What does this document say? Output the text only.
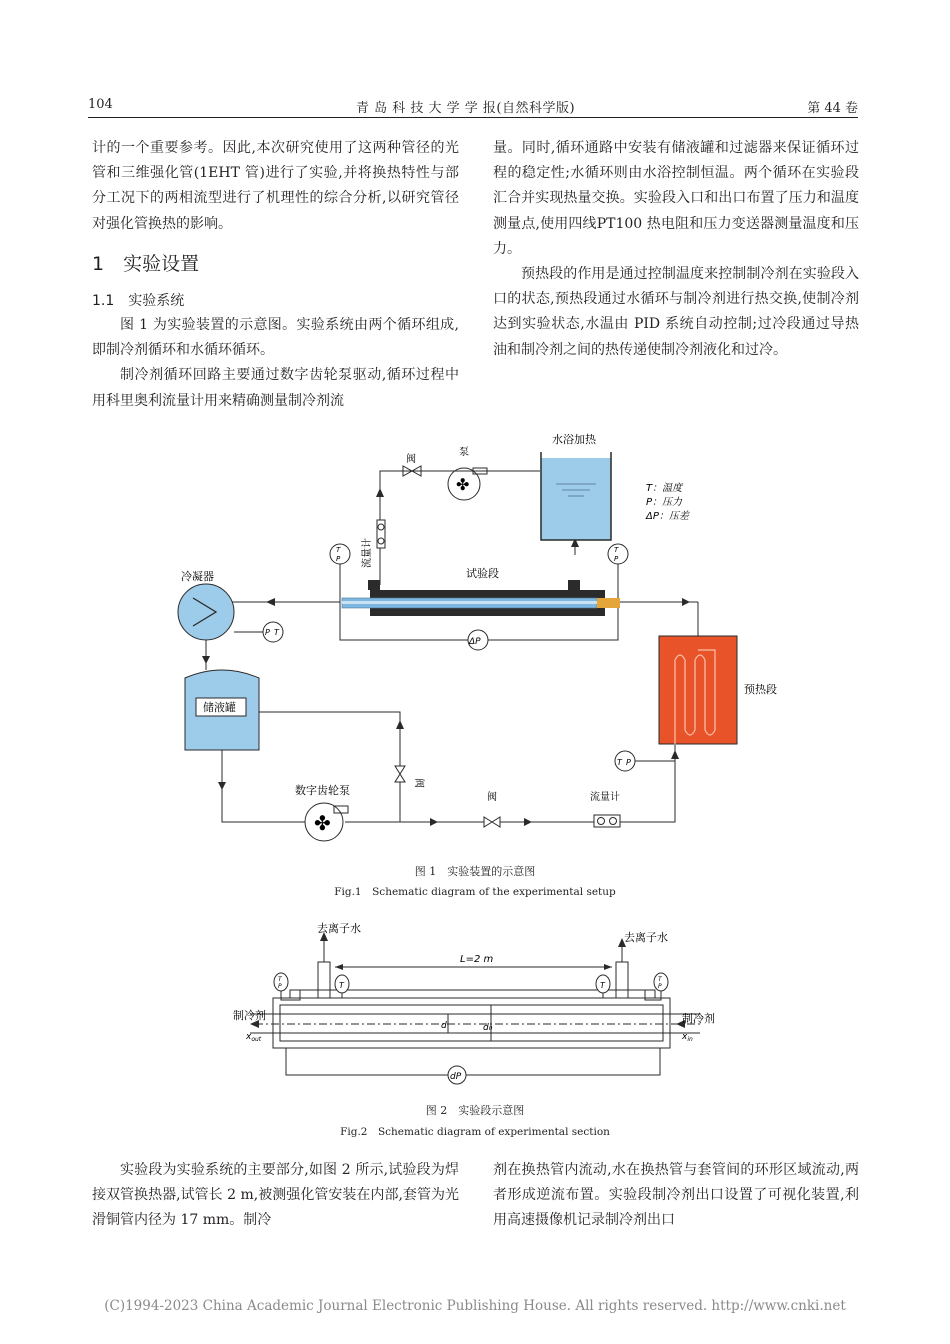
104	青 岛 科 技 大 学 学 报(自然科学版)	第 44 卷

计的一个重要参考。因此,本次研究使用了这两种管径的光管和三维强化管(1EHT 管)进行了实验,并将换热特性与部分工况下的两相流型进行了机理性的综合分析,以研究管径对强化管换热的影响。

1　实验设置
1.1　实验系统

图 1 为实验装置的示意图。实验系统由两个循环组成,即制冷剂循环和水循环循环。

制冷剂循环回路主要通过数字齿轮泵驱动,循环过程中用科里奥利流量计用来精确测量制冷剂流

量。同时,循环通路中安装有储液罐和过滤器来保证循环过程的稳定性;水循环则由水浴控制恒温。两个循环在实验段汇合并实现热量交换。实验段入口和出口布置了压力和温度测量点,使用四线PT100 热电阻和压力变送器测量温度和压力。

预热段的作用是通过控制温度来控制制冷剂在实验段入口的状态,预热段通过水循环与制冷剂进行热交换,使制冷剂达到实验状态,水温由 PID 系统自动控制;过冷段通过导热油和制冷剂之间的热传递使制冷剂液化和过冷。

水浴加热
阀
✤
泵
流量计
T
P
T
P
T：温度
P：压力
ΔP：压差
试验段
ΔP
冷凝器
P T
储液罐
预热段
T P
阀
数字齿轮泵
✤
阀	流量计
图 1　实验装置的示意图
Fig.1　Schematic diagram of the experimental setup
去离子水
去离子水
L=2 m
T	T
T
P
T
P
d	d₀
制冷剂
$x_{out}$
制冷剂
$x_{in}$
dP
图 2　实验段示意图
Fig.2　Schematic diagram of experimental section

实验段为实验系统的主要部分,如图 2 所示,试验段为焊接双管换热器,试管长 2 m,被测强化管安装在内部,套管为光滑铜管内径为 17 mm。制冷

剂在换热管内流动,水在换热管与套管间的环形区域流动,两者形成逆流布置。实验段制冷剂出口设置了可视化装置,利用高速摄像机记录制冷剂出口

(C)1994-2023 China Academic Journal Electronic Publishing House. All rights reserved. http://www.cnki.net
